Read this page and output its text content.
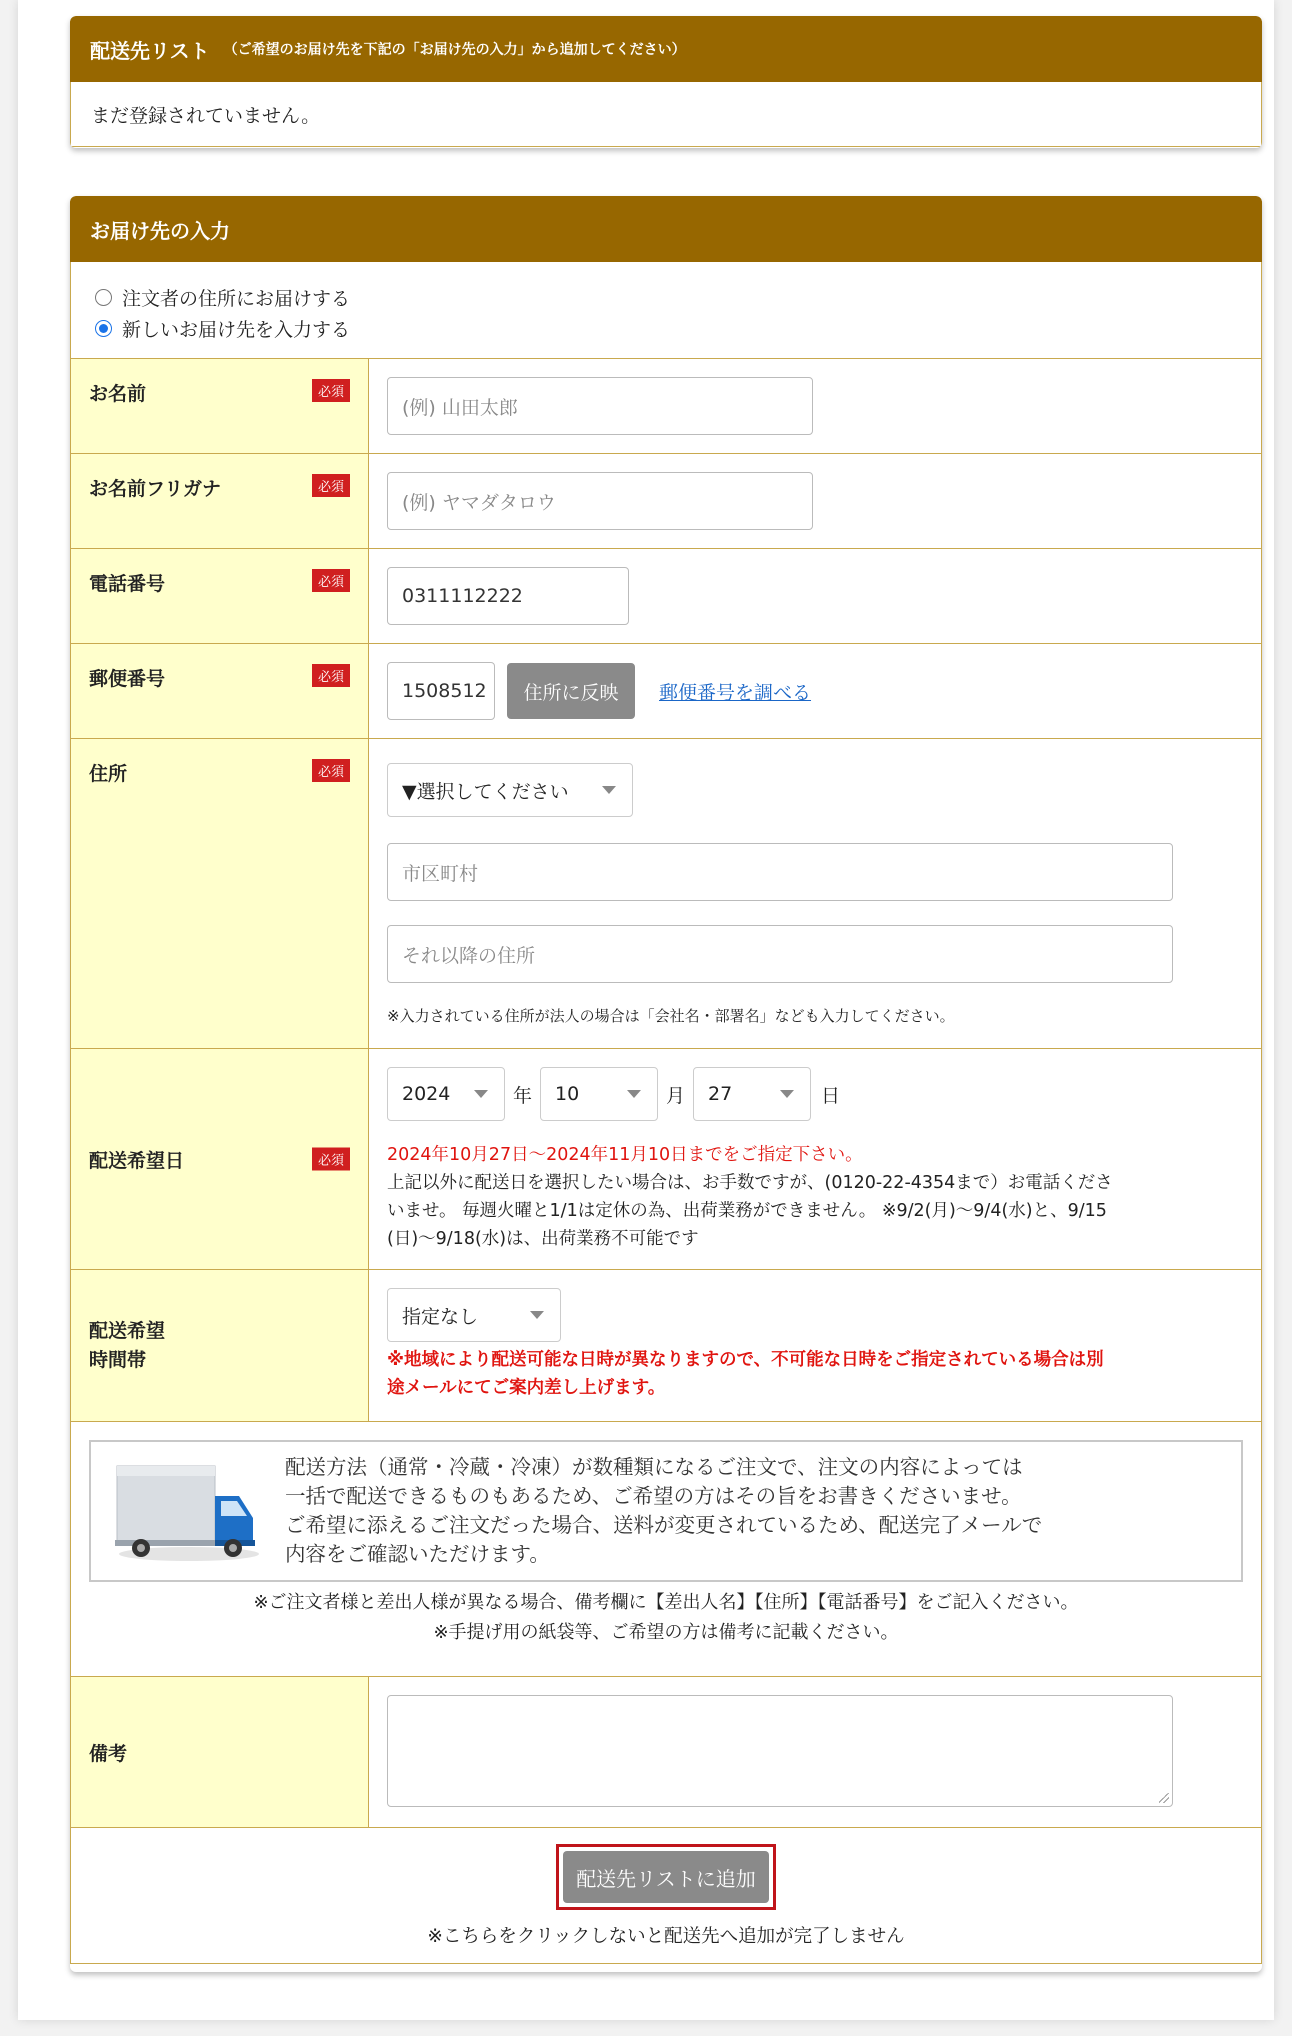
配送先リスト （ご希望のお届け先を下記の「お届け先の入力」から追加してください）
まだ登録されていません。
お届け先の入力
注文者の住所にお届けする
新しいお届け先を入力する
お名前	必須
(例) 山田太郎
お名前フリガナ	必須
(例) ヤマダタロウ
電話番号	必須
0311112222
郵便番号	必須
1508512	住所に反映	郵便番号を調べる
住所	必須
▼選択してください
市区町村
それ以降の住所
※入力されている住所が法人の場合は「会社名・部署名」なども入力してください。
配送希望日	必須
2024	年 10	月 27	日
2024年10月27日～2024年11月10日までをご指定下さい。
上記以外に配送日を選択したい場合は、お手数ですが、(0120-22-4354まで）お電話くださ
いませ。 毎週火曜と1/1は定休の為、出荷業務ができません。 ※9/2(月)～9/4(水)と、9/15
(日)～9/18(水)は、出荷業務不可能です
配送希望
時間帯
指定なし
※地域により配送可能な日時が異なりますので、不可能な日時をご指定されている場合は別
途メールにてご案内差し上げます。
配送方法（通常・冷蔵・冷凍）が数種類になるご注文で、注文の内容によっては
一括で配送できるものもあるため、ご希望の方はその旨をお書きくださいませ。
ご希望に添えるご注文だった場合、送料が変更されているため、配送完了メールで
内容をご確認いただけます。
※ご注文者様と差出人様が異なる場合、備考欄に【差出人名】【住所】【電話番号】をご記入ください。
※手提げ用の紙袋等、ご希望の方は備考に記載ください。
備考
配送先リストに追加
※こちらをクリックしないと配送先へ追加が完了しません
